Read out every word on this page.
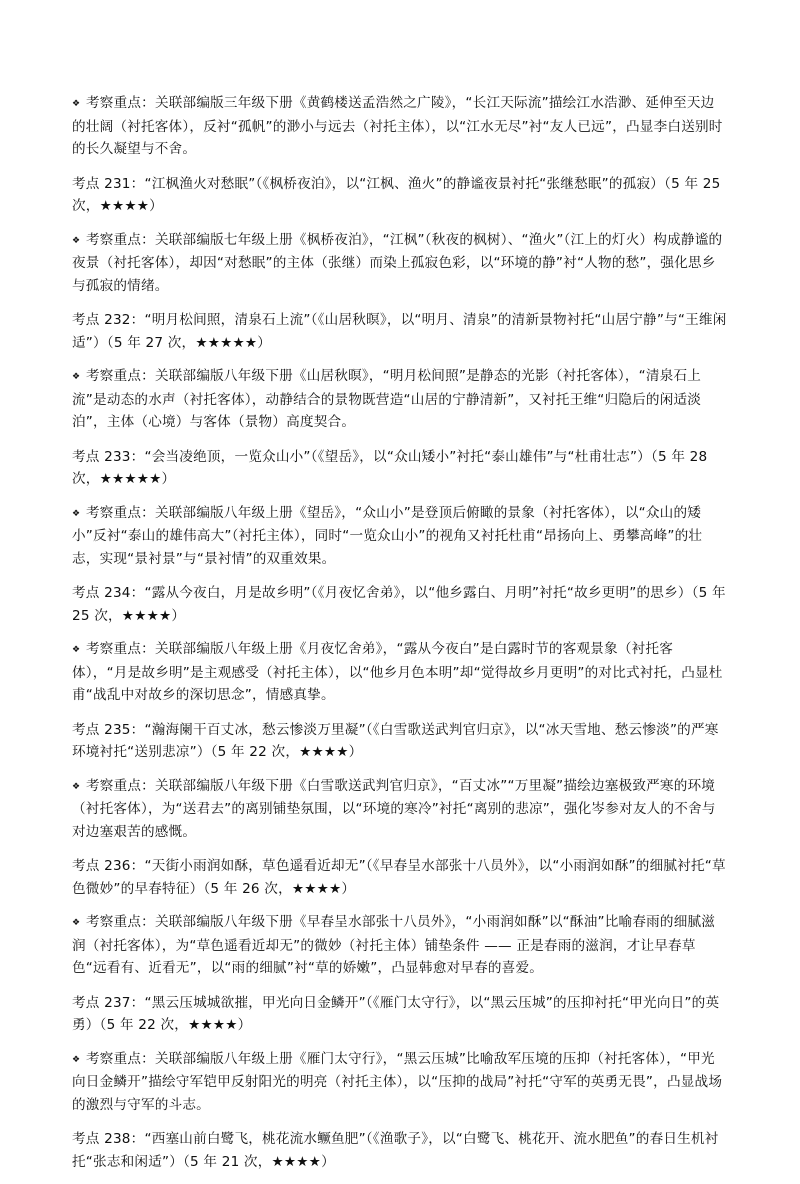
❖ 考察重点：关联部编版三年级下册《黄鹤楼送孟浩然之广陵》，“长江天际流”描绘江水浩渺、延伸至天边的壮阔（衬托客体），反衬“孤帆”的渺小与远去（衬托主体），以“江水无尽”衬“友人已远”，凸显李白送别时的长久凝望与不舍。

考点 231：“江枫渔火对愁眠”（《枫桥夜泊》，以“江枫、渔火”的静谧夜景衬托“张继愁眠”的孤寂）（5 年 25 次，★★★★）

❖ 考察重点：关联部编版七年级上册《枫桥夜泊》，“江枫”（秋夜的枫树）、“渔火”（江上的灯火）构成静谧的夜景（衬托客体），却因“对愁眠”的主体（张继）而染上孤寂色彩，以“环境的静”衬“人物的愁”，强化思乡与孤寂的情绪。

考点 232：“明月松间照，清泉石上流”（《山居秋暝》，以“明月、清泉”的清新景物衬托“山居宁静”与“王维闲适”）（5 年 27 次，★★★★★）

❖ 考察重点：关联部编版八年级下册《山居秋暝》，“明月松间照”是静态的光影（衬托客体），“清泉石上流”是动态的水声（衬托客体），动静结合的景物既营造“山居的宁静清新”，又衬托王维“归隐后的闲适淡泊”，主体（心境）与客体（景物）高度契合。

考点 233：“会当凌绝顶，一览众山小”（《望岳》，以“众山矮小”衬托“泰山雄伟”与“杜甫壮志”）（5 年 28 次，★★★★★）

❖ 考察重点：关联部编版八年级上册《望岳》，“众山小”是登顶后俯瞰的景象（衬托客体），以“众山的矮小”反衬“泰山的雄伟高大”（衬托主体），同时“一览众山小”的视角又衬托杜甫“昂扬向上、勇攀高峰”的壮志，实现“景衬景”与“景衬情”的双重效果。

考点 234：“露从今夜白，月是故乡明”（《月夜忆舍弟》，以“他乡露白、月明”衬托“故乡更明”的思乡）（5 年 25 次，★★★★）

❖ 考察重点：关联部编版八年级上册《月夜忆舍弟》，“露从今夜白”是白露时节的客观景象（衬托客体），“月是故乡明”是主观感受（衬托主体），以“他乡月色本明”却“觉得故乡月更明”的对比式衬托，凸显杜甫“战乱中对故乡的深切思念”，情感真挚。

考点 235：“瀚海阑干百丈冰，愁云惨淡万里凝”（《白雪歌送武判官归京》，以“冰天雪地、愁云惨淡”的严寒环境衬托“送别悲凉”）（5 年 22 次，★★★★）

❖ 考察重点：关联部编版八年级下册《白雪歌送武判官归京》，“百丈冰”“万里凝”描绘边塞极致严寒的环境（衬托客体），为“送君去”的离别铺垫氛围，以“环境的寒冷”衬托“离别的悲凉”，强化岑参对友人的不舍与对边塞艰苦的感慨。

考点 236：“天街小雨润如酥，草色遥看近却无”（《早春呈水部张十八员外》，以“小雨润如酥”的细腻衬托“草色微妙”的早春特征）（5 年 26 次，★★★★）

❖ 考察重点：关联部编版八年级下册《早春呈水部张十八员外》，“小雨润如酥”以“酥油”比喻春雨的细腻滋润（衬托客体），为“草色遥看近却无”的微妙（衬托主体）铺垫条件 —— 正是春雨的滋润，才让早春草色“远看有、近看无”，以“雨的细腻”衬“草的娇嫩”，凸显韩愈对早春的喜爱。

考点 237：“黑云压城城欲摧，甲光向日金鳞开”（《雁门太守行》，以“黑云压城”的压抑衬托“甲光向日”的英勇）（5 年 22 次，★★★★）

❖ 考察重点：关联部编版八年级上册《雁门太守行》，“黑云压城”比喻敌军压境的压抑（衬托客体），“甲光向日金鳞开”描绘守军铠甲反射阳光的明亮（衬托主体），以“压抑的战局”衬托“守军的英勇无畏”，凸显战场的激烈与守军的斗志。

考点 238：“西塞山前白鹭飞，桃花流水鳜鱼肥”（《渔歌子》，以“白鹭飞、桃花开、流水肥鱼”的春日生机衬托“张志和闲适”）（5 年 21 次，★★★★）
